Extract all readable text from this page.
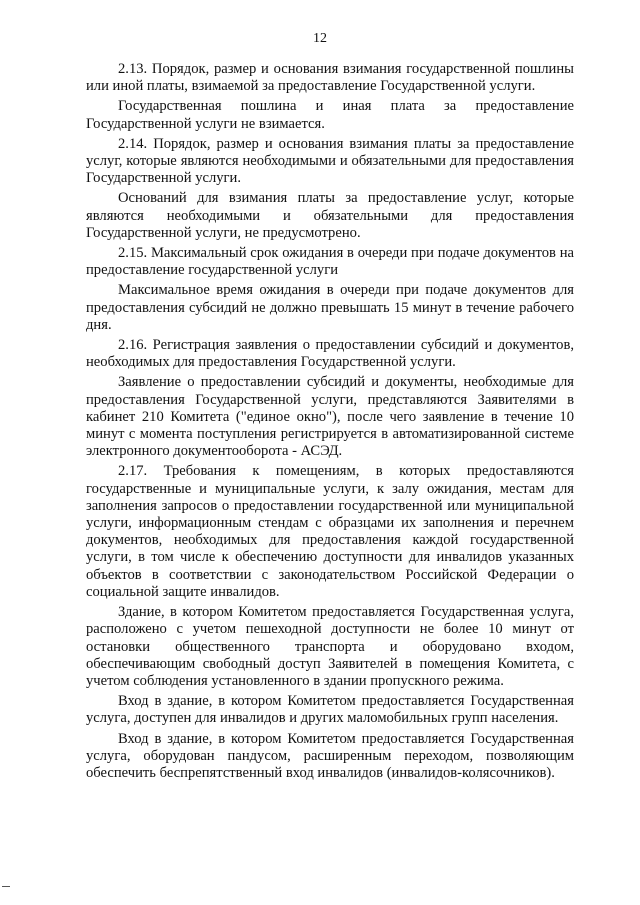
12

2.13. Порядок, размер и основания взимания государственной пошлины или иной платы, взимаемой за предоставление Государственной услуги.

Государственная пошлина и иная плата за предоставление Государственной услуги не взимается.

2.14. Порядок, размер и основания взимания платы за предоставление услуг, которые являются необходимыми и обязательными для предоставления Государственной услуги.

Оснований для взимания платы за предоставление услуг, которые являются необходимыми и обязательными для предоставления Государственной услуги, не предусмотрено.

2.15. Максимальный срок ожидания в очереди при подаче документов на предоставление государственной услуги

Максимальное время ожидания в очереди при подаче документов для предоставления субсидий не должно превышать 15 минут в течение рабочего дня.

2.16. Регистрация заявления о предоставлении субсидий и документов, необходимых для предоставления Государственной услуги.

Заявление о предоставлении субсидий и документы, необходимые для предоставления Государственной услуги, представляются Заявителями в кабинет 210 Комитета ("единое окно"), после чего заявление в течение 10 минут с момента поступления регистрируется в автоматизированной системе электронного документооборота - АСЭД.

2.17. Требования к помещениям, в которых предоставляются государственные и муниципальные услуги, к залу ожидания, местам для заполнения запросов о предоставлении государственной или муниципальной услуги, информационным стендам с образцами их заполнения и перечнем документов, необходимых для предоставления каждой государственной услуги, в том числе к обеспечению доступности для инвалидов указанных объектов в соответствии с законодательством Российской Федерации о социальной защите инвалидов.

Здание, в котором Комитетом предоставляется Государственная услуга, расположено с учетом пешеходной доступности не более 10 минут от остановки общественного транспорта и оборудовано входом, обеспечивающим свободный доступ Заявителей в помещения Комитета, с учетом соблюдения установленного в здании пропускного режима.

Вход в здание, в котором Комитетом предоставляется Государственная услуга, доступен для инвалидов и других маломобильных групп населения.

Вход в здание, в котором Комитетом предоставляется Государственная услуга, оборудован пандусом, расширенным переходом, позволяющим обеспечить беспрепятственный вход инвалидов (инвалидов-колясочников).
